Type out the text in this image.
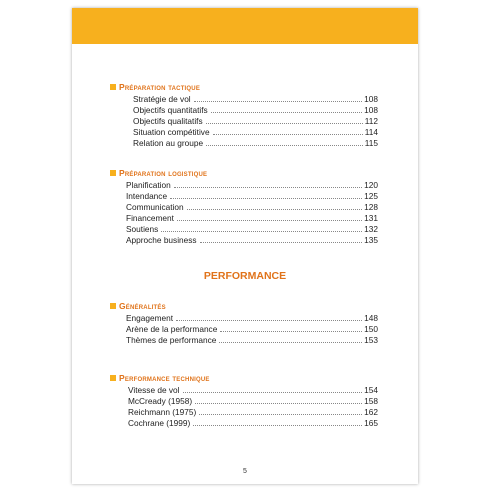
Préparation tactique
Stratégie de vol	108
Objectifs quantitatifs	108
Objectifs qualitatifs	112
Situation compétitive	114
Relation au groupe	115
Préparation logistique
Planification	120
Intendance	125
Communication	128
Financement	131
Soutiens	132
Approche business	135
PERFORMANCE
Généralités
Engagement	148
Arène de la performance	150
Thèmes de performance	153
Performance technique
Vitesse de vol	154
McCready (1958)	158
Reichmann (1975)	162
Cochrane (1999)	165
5
